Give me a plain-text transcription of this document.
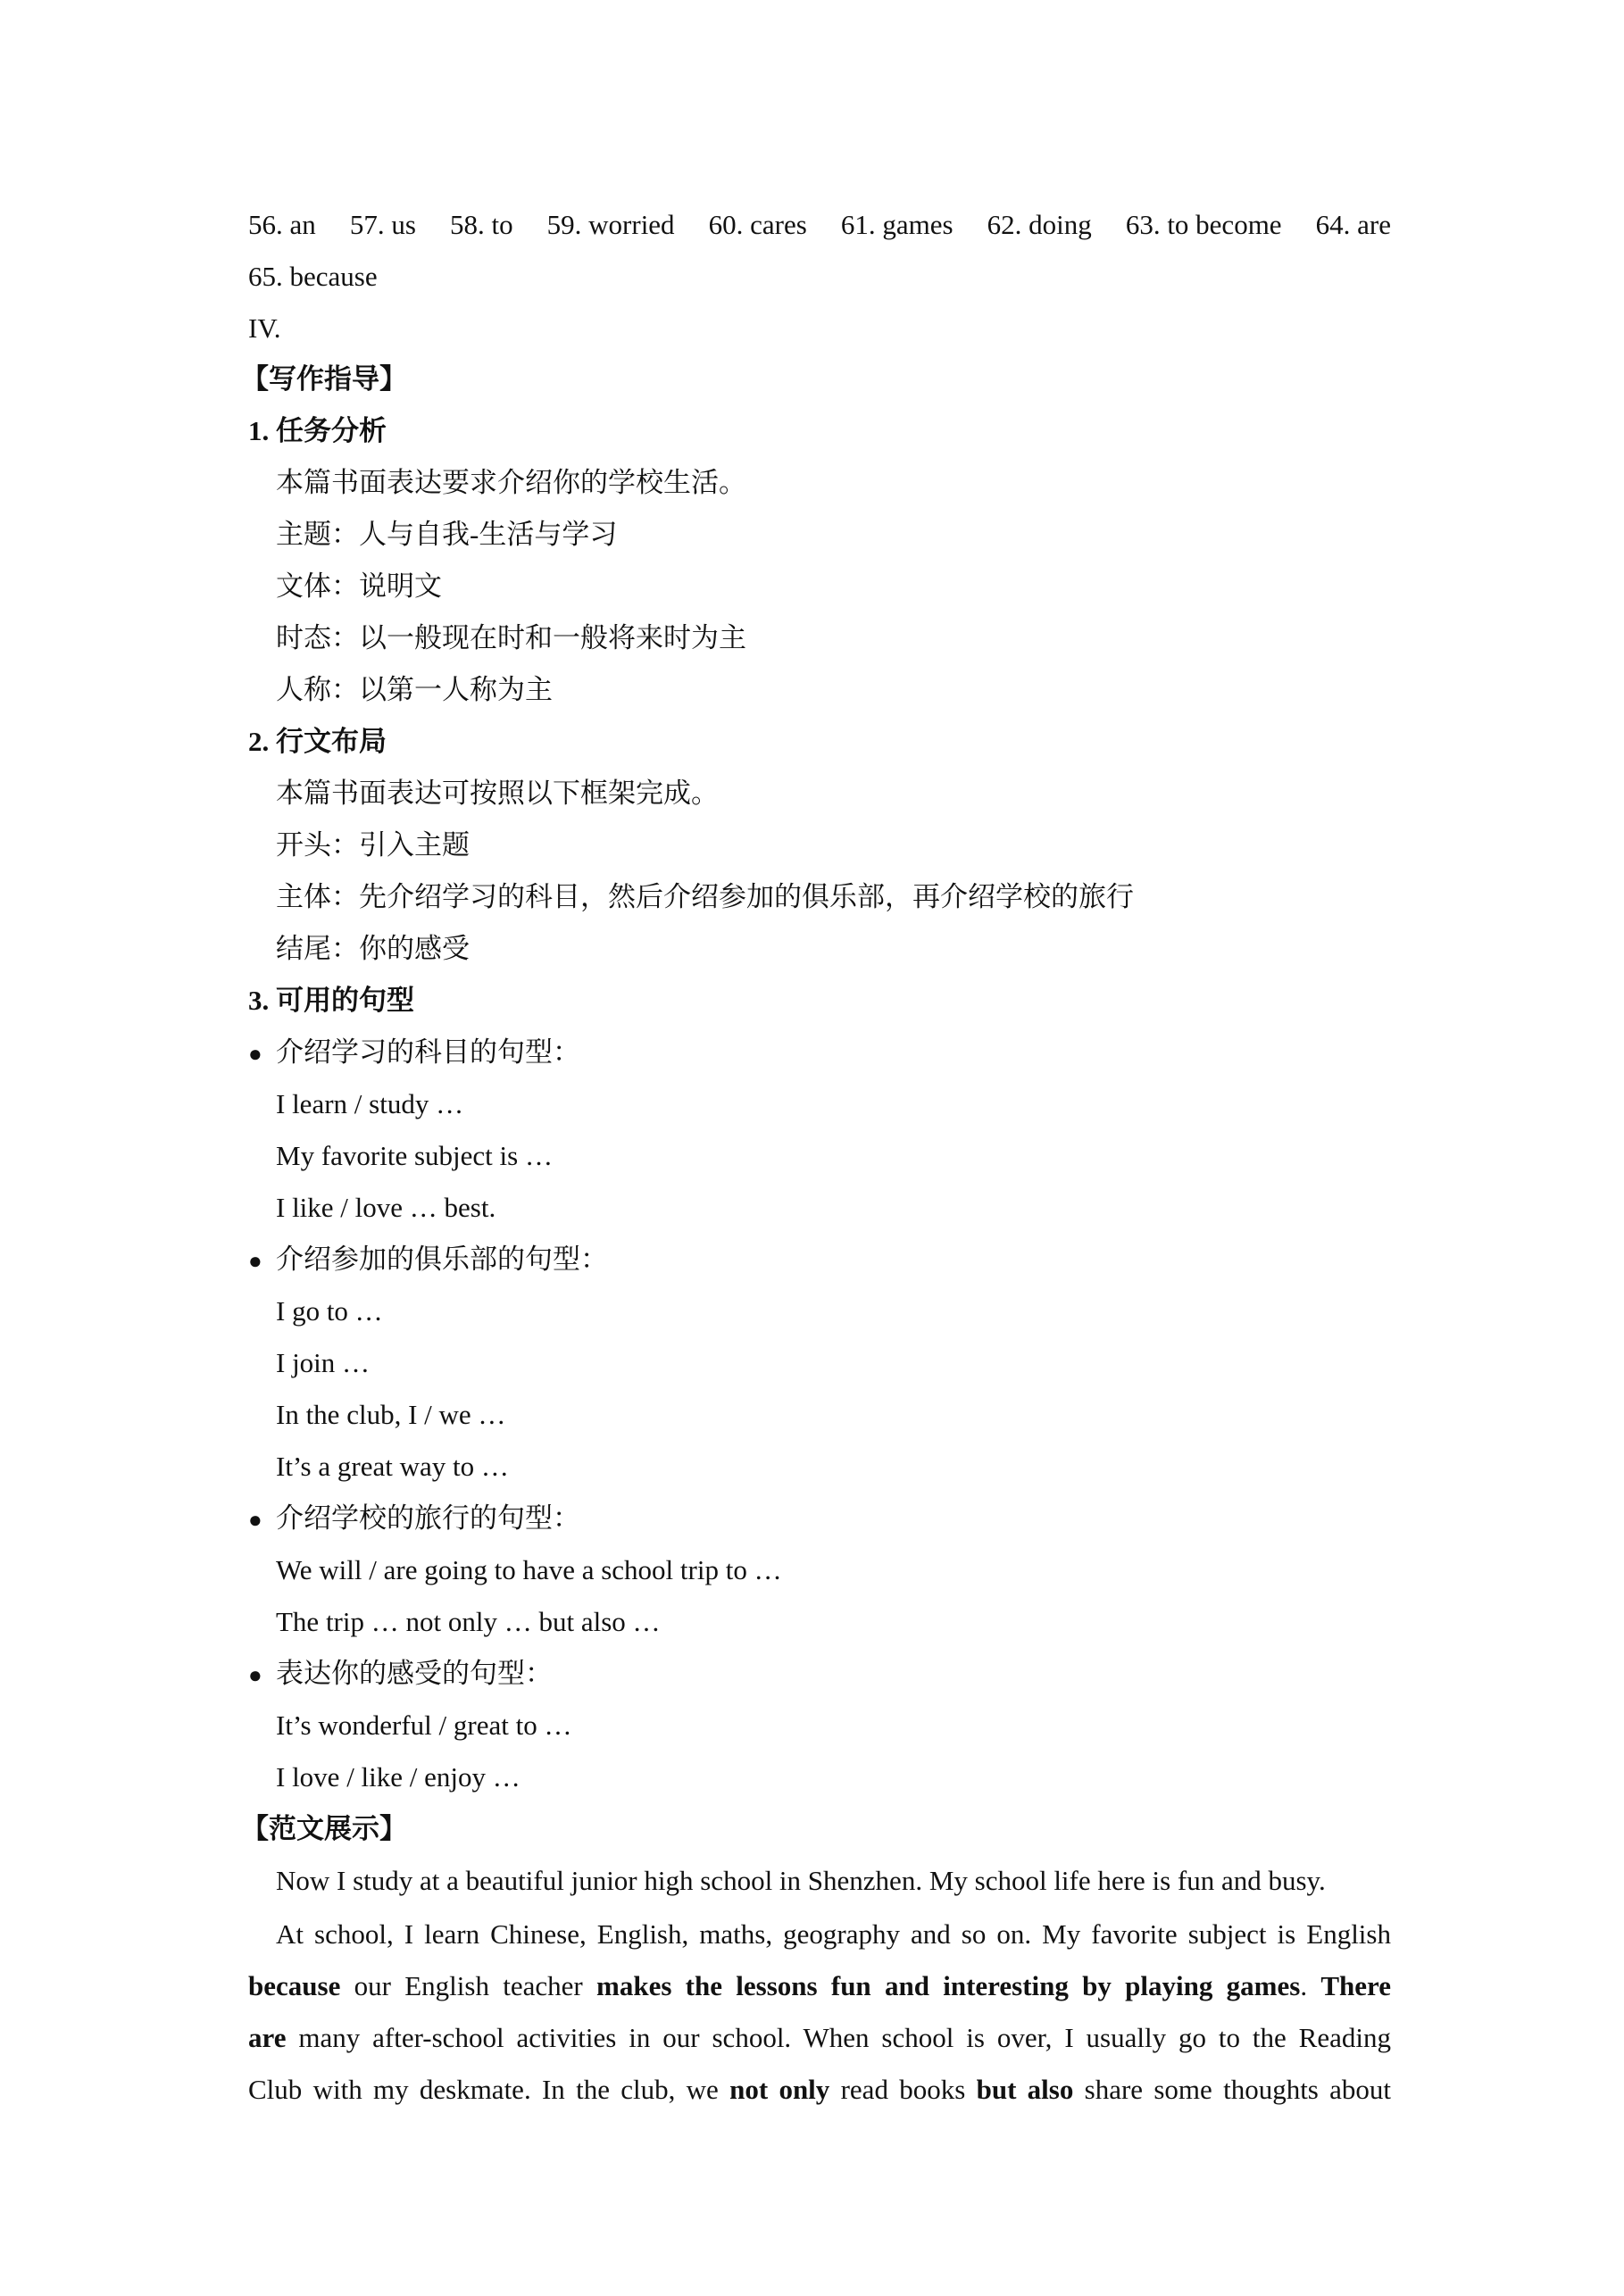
56. an 57. us 58. to 59. worried 60. cares 61. games 62. doing 63. to become 64. are
65. because
IV.
【写作指导】
1. 任务分析
本篇书面表达要求介绍你的学校生活。
主题：人与自我-生活与学习
文体：说明文
时态：以一般现在时和一般将来时为主
人称：以第一人称为主
2. 行文布局
本篇书面表达可按照以下框架完成。
开头：引入主题
主体：先介绍学习的科目，然后介绍参加的俱乐部，再介绍学校的旅行
结尾：你的感受
3. 可用的句型
● 介绍学习的科目的句型：
I learn / study …
My favorite subject is …
I like / love … best.
● 介绍参加的俱乐部的句型：
I go to …
I join …
In the club, I / we …
It’s a great way to …
● 介绍学校的旅行的句型：
We will / are going to have a school trip to …
The trip … not only … but also …
● 表达你的感受的句型：
It’s wonderful / great to …
I love / like / enjoy …
【范文展示】
Now I study at a beautiful junior high school in Shenzhen. My school life here is fun and busy.
At school, I learn Chinese, English, maths, geography and so on. My favorite subject is English
because our English teacher makes the lessons fun and interesting by playing games. There
are many after-school activities in our school. When school is over, I usually go to the Reading
Club with my deskmate. In the club, we not only read books but also share some thoughts about
